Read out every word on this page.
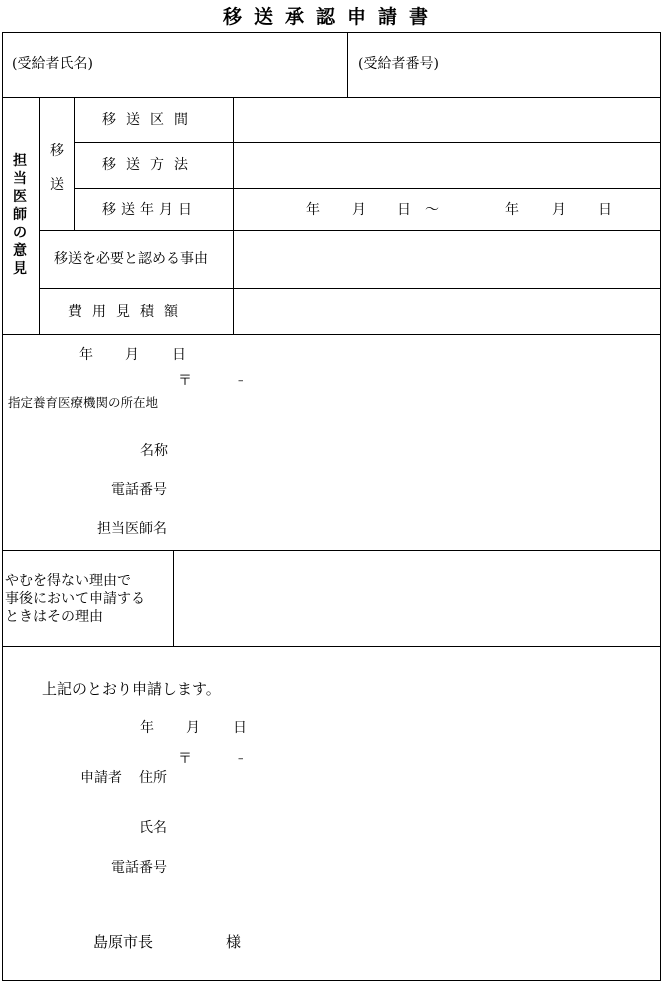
移送承認申請書
(受給者氏名)	(受給者番号)
担当医師の意見
移送
移送区間
移送方法
移送年月日	年 月 日 ～	年 月 日
移送を必要と認める事由
費用見積額
年 月 日
〒	–
指定養育医療機関の所在地
名称
電話番号
担当医師名
やむを得ない理由で
事後において申請する
ときはその理由
上記のとおり申請します。
年 月 日
〒	–
申請者 住所
氏名
電話番号
島原市長	様
